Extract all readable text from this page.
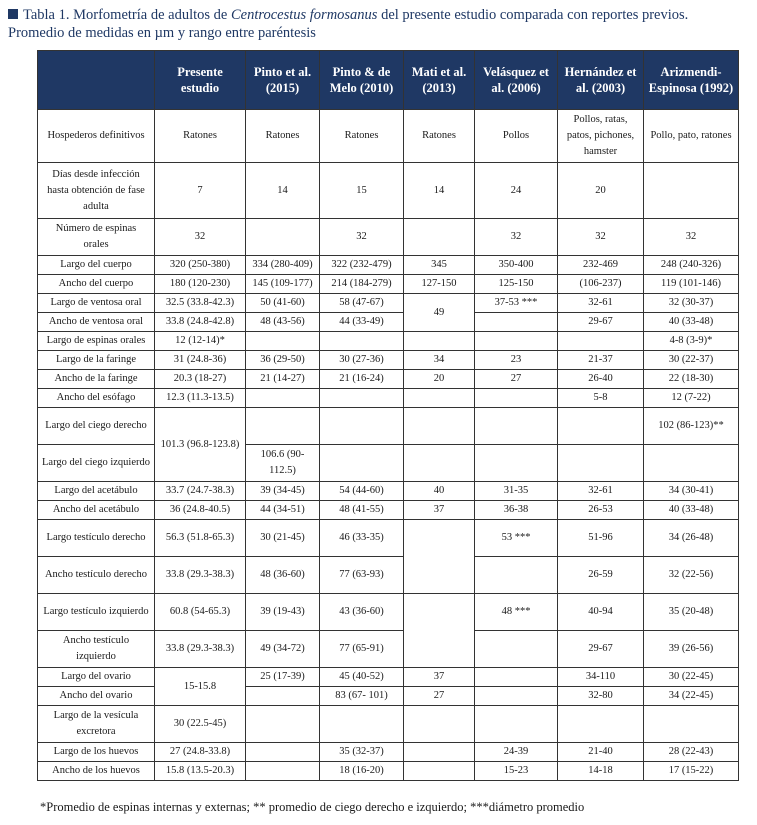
Tabla 1. Morfometría de adultos de Centrocestus formosanus del presente estudio comparada con reportes previos.
Promedio de medidas en µm y rango entre paréntesis
	Presente estudio	Pinto et al. (2015)	Pinto & de Melo (2010)	Mati et al. (2013)	Velásquez et al. (2006)	Hernández et al. (2003)	Arizmendi-Espinosa (1992)
Hospederos definitivos	Ratones	Ratones	Ratones	Ratones	Pollos	Pollos, ratas, patos, pichones, hamster	Pollo, pato, ratones
Días desde infección hasta obtención de fase adulta	7	14	15	14	24	20	
Número de espinas orales	32		32		32	32	32
Largo del cuerpo	320 (250-380)	334 (280-409)	322 (232-479)	345	350-400	232-469	248 (240-326)
Ancho del cuerpo	180 (120-230)	145 (109-177)	214 (184-279)	127-150	125-150	(106-237)	119 (101-146)
Largo de ventosa oral	32.5 (33.8-42.3)	50 (41-60)	58 (47-67)	49	37-53 ***	32-61	32 (30-37)
Ancho de ventosa oral	33.8 (24.8-42.8)	48 (43-56)	44 (33-49)			29-67	40 (33-48)
Largo de espinas orales	12 (12-14)*						4-8 (3-9)*
Largo de la faringe	31 (24.8-36)	36 (29-50)	30 (27-36)	34	23	21-37	30 (22-37)
Ancho de la faringe	20.3 (18-27)	21 (14-27)	21 (16-24)	20	27	26-40	22 (18-30)
Ancho del esófago	12.3 (11.3-13.5)					5-8	12 (7-22)
Largo del ciego derecho	101.3 (96.8-123.8)						102 (86-123)**
Largo del ciego izquierdo		106.6 (90-112.5)					
Largo del acetábulo	33.7 (24.7-38.3)	39 (34-45)	54 (44-60)	40	31-35	32-61	34 (30-41)
Ancho del acetábulo	36 (24.8-40.5)	44 (34-51)	48 (41-55)	37	36-38	26-53	40 (33-48)
Largo testículo derecho	56.3 (51.8-65.3)	30 (21-45)	46 (33-35)		53 ***	51-96	34 (26-48)
Ancho testículo derecho	33.8 (29.3-38.3)	48 (36-60)	77 (63-93)			26-59	32 (22-56)
Largo testículo izquierdo	60.8 (54-65.3)	39 (19-43)	43 (36-60)		48 ***	40-94	35 (20-48)
Ancho testículo izquierdo	33.8 (29.3-38.3)	49 (34-72)	77 (65-91)			29-67	39 (26-56)
Largo del ovario	15-15.8	25 (17-39)	45 (40-52)	37		34-110	30 (22-45)
Ancho del ovario			83 (67- 101)	27		32-80	34 (22-45)
Largo de la vesícula excretora	30 (22.5-45)						
Largo de los huevos	27 (24.8-33.8)		35 (32-37)		24-39	21-40	28 (22-43)
Ancho de los huevos	15.8 (13.5-20.3)		18 (16-20)		15-23	14-18	17 (15-22)
*Promedio de espinas internas y externas; ** promedio de ciego derecho e izquierdo; ***diámetro promedio
